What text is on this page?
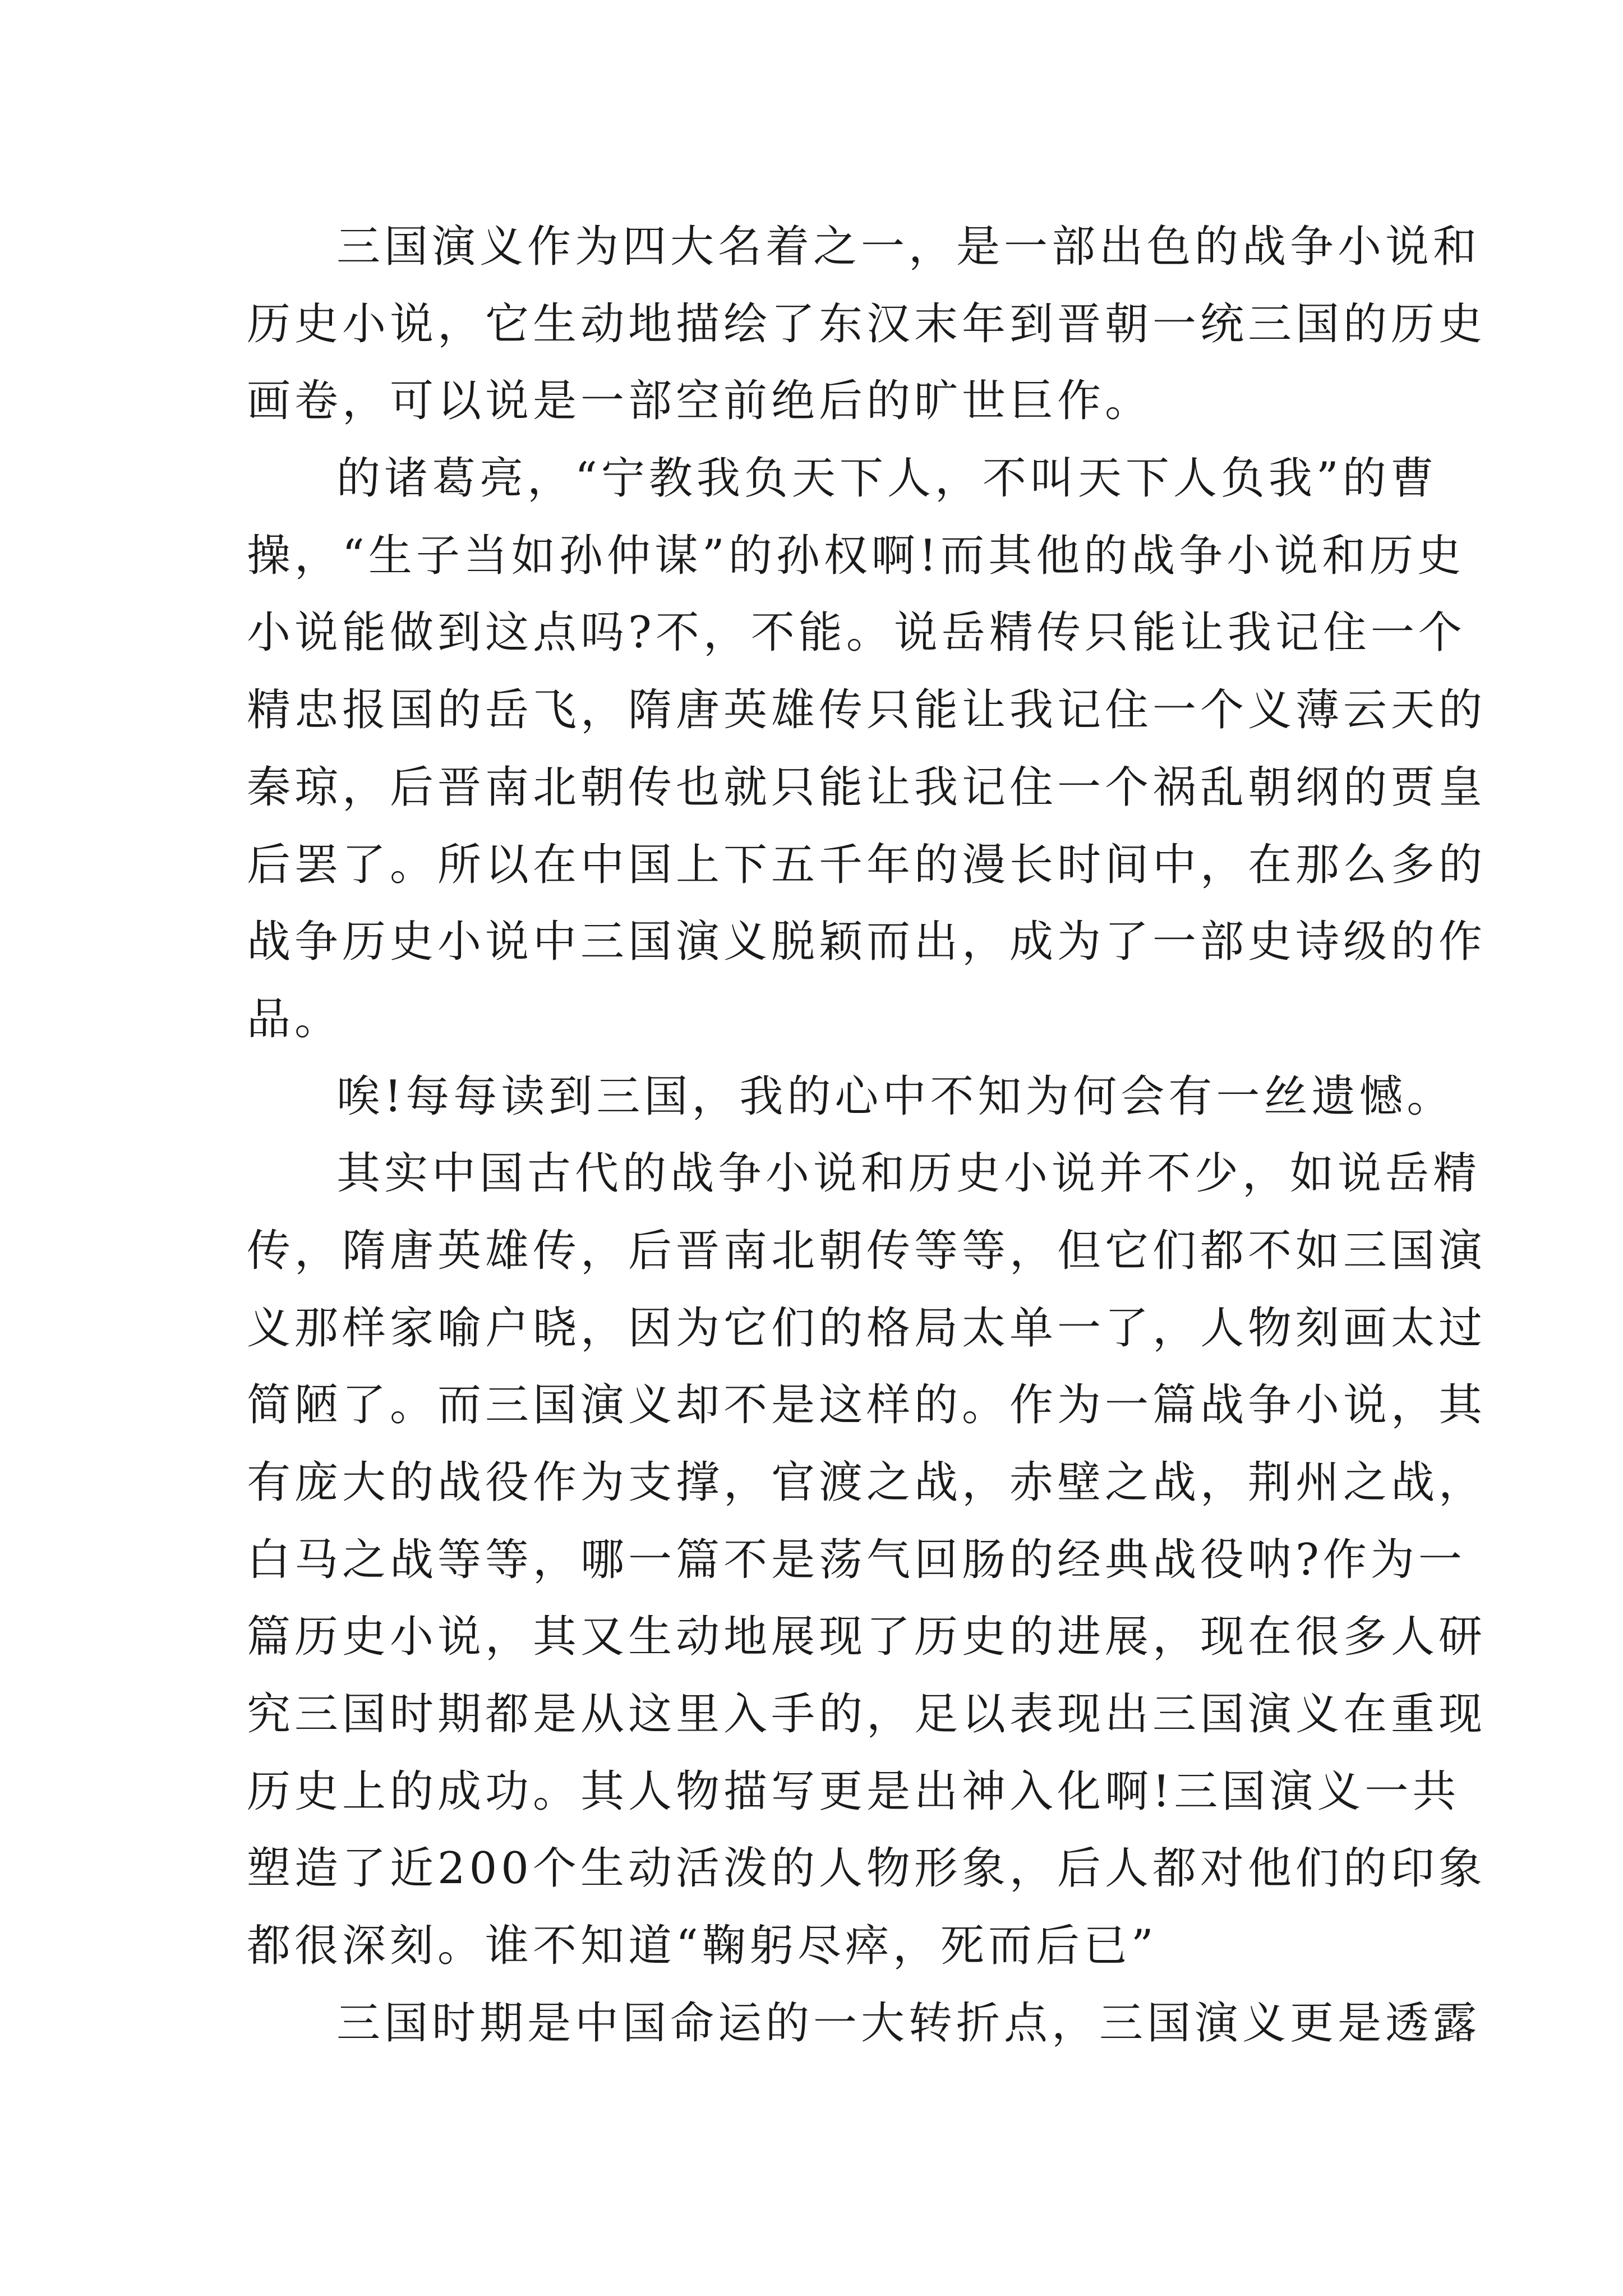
三国演义作为四大名着之一，是一部出色的战争小说和
历史小说，它生动地描绘了东汉末年到晋朝一统三国的历史
画卷，可以说是一部空前绝后的旷世巨作。
的诸葛亮，“宁教我负天下人，不叫天下人负我”的曹
操，“生子当如孙仲谋”的孙权啊!而其他的战争小说和历史
小说能做到这点吗?不，不能。说岳精传只能让我记住一个
精忠报国的岳飞，隋唐英雄传只能让我记住一个义薄云天的
秦琼，后晋南北朝传也就只能让我记住一个祸乱朝纲的贾皇
后罢了。所以在中国上下五千年的漫长时间中，在那么多的
战争历史小说中三国演义脱颖而出，成为了一部史诗级的作
品。
唉!每每读到三国，我的心中不知为何会有一丝遗憾。
其实中国古代的战争小说和历史小说并不少，如说岳精
传，隋唐英雄传，后晋南北朝传等等，但它们都不如三国演
义那样家喻户晓，因为它们的格局太单一了，人物刻画太过
简陋了。而三国演义却不是这样的。作为一篇战争小说，其
有庞大的战役作为支撑，官渡之战，赤壁之战，荆州之战，
白马之战等等，哪一篇不是荡气回肠的经典战役呐?作为一
篇历史小说，其又生动地展现了历史的进展，现在很多人研
究三国时期都是从这里入手的，足以表现出三国演义在重现
历史上的成功。其人物描写更是出神入化啊!三国演义一共
塑造了近200个生动活泼的人物形象，后人都对他们的印象
都很深刻。谁不知道“鞠躬尽瘁，死而后已”
三国时期是中国命运的一大转折点，三国演义更是透露
